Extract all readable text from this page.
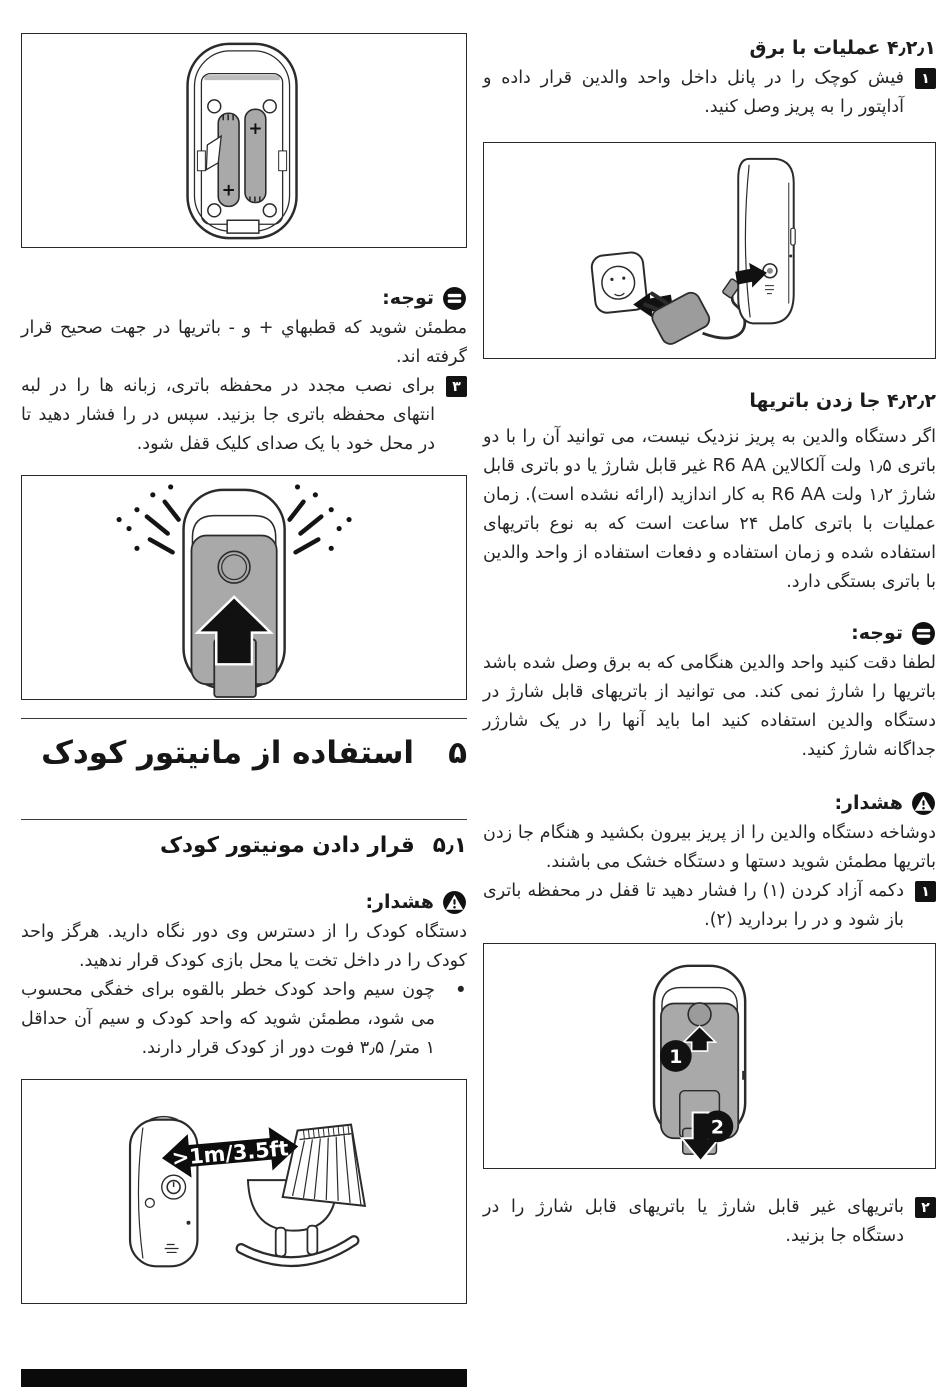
۴٫۲٫۱ عملیات با برق
۱
فیش کوچک را در پانل داخل واحد والدین قرار داده و آداپتور را به پریز وصل کنید.
۴٫۲٫۲ جا زدن باتریها

اگر دستگاه والدین به پریز نزدیک نیست، می توانید آن را با دو باتری ۱٫۵ ولت آلکالاین R6 AA غیر قابل شارژ یا دو باتری قابل شارژ ۱٫۲ ولت R6 AA به کار اندازید (ارائه نشده است). زمان عملیات با باتری کامل ۲۴ ساعت است که به نوع باتریهای استفاده شده و زمان استفاده و دفعات استفاده از واحد والدین با باتری بستگی دارد.

توجه:

لطفا دقت کنید واحد والدین هنگامی که به برق وصل شده باشد باتریها را شارژ نمی کند. می توانید از باتریهای قابل شارژ در دستگاه والدین استفاده کنید اما باید آنها را در یک شارژر جداگانه شارژ کنید.

هشدار:

دوشاخه دستگاه والدین را از پریز بیرون بکشید و هنگام جا زدن باتریها مطمئن شوید دستها و دستگاه خشک می باشند.

۱
دکمه آزاد کردن (۱) را فشار دهید تا قفل در محفظه باتری باز شود و در را بردارید (۲).
1
2
۲
باتریهای غیر قابل شارژ یا باتریهای قابل شارژ را در دستگاه جا بزنید.
+
+
توجه:

مطمئن شوید که قطبهاي + و - باتریها در جهت صحیح قرار گرفته اند.

۳
برای نصب مجدد در محفظه باتری، زبانه ها را در لبه انتهای محفظه باتری جا بزنید. سپس در را فشار دهید تا در محل خود با یک صدای کلیک قفل شود.
۵
استفاده از مانیتور کودک
۵٫۱
قرار دادن مونیتور کودک
هشدار:

دستگاه کودک را از دسترس وی دور نگاه دارید. هرگز واحد کودک را در داخل تخت یا محل بازی کودک قرار ندهید.

•
چون سیم واحد کودک خطر بالقوه برای خفگی محسوب می شود، مطمئن شوید که واحد کودک و سیم آن حداقل ۱ متر/ ۳٫۵ فوت دور از کودک قرار دارند.
>1m/3.5ft
